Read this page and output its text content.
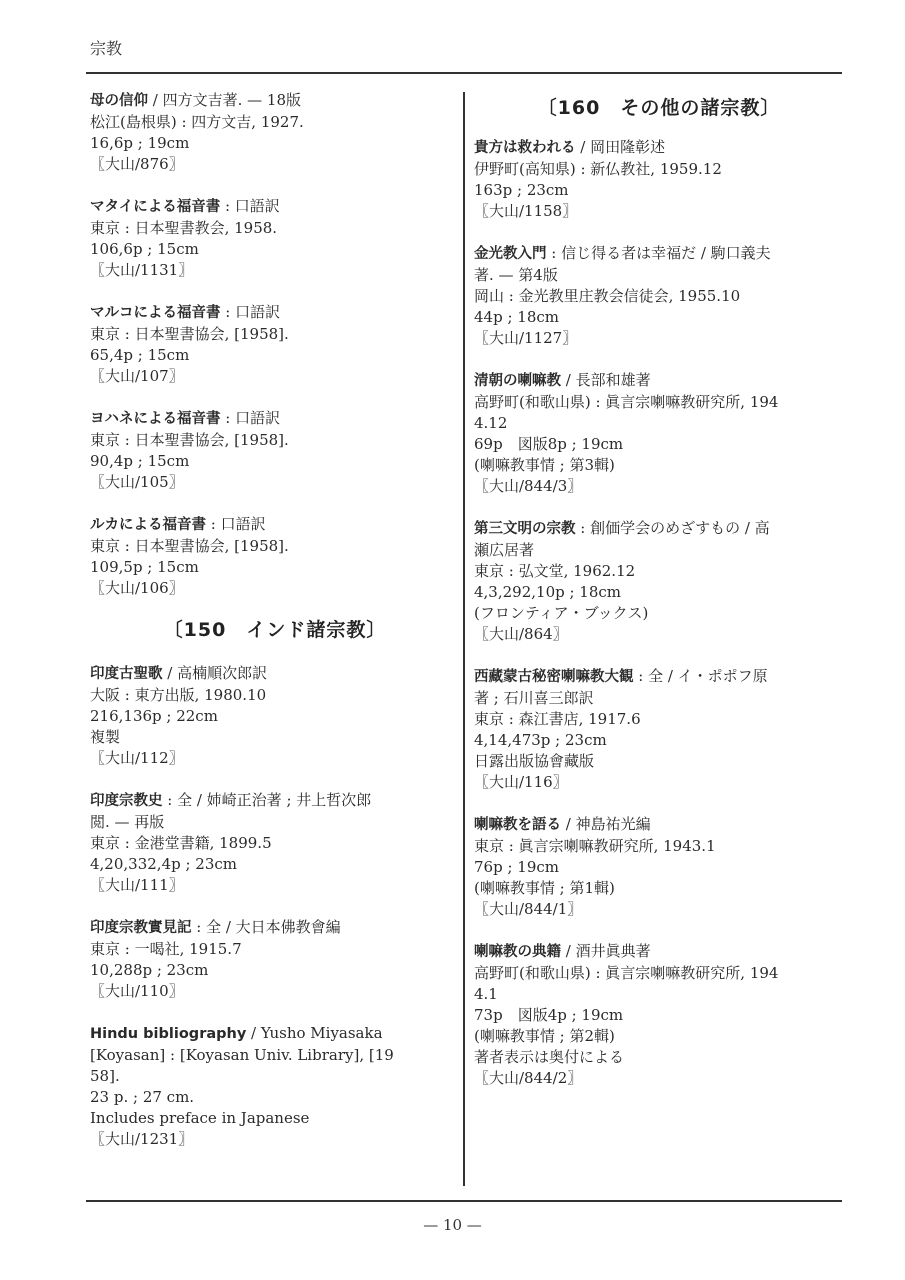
宗教
母の信仰 / 四方文吉著. — 18版
松江(島根県) : 四方文吉, 1927.
16,6p ; 19cm
〖大山/876〗
マタイによる福音書 : 口語訳
東京 : 日本聖書教会, 1958.
106,6p ; 15cm
〖大山/1131〗
マルコによる福音書 : 口語訳
東京 : 日本聖書協会, [1958].
65,4p ; 15cm
〖大山/107〗
ヨハネによる福音書 : 口語訳
東京 : 日本聖書協会, [1958].
90,4p ; 15cm
〖大山/105〗
ルカによる福音書 : 口語訳
東京 : 日本聖書協会, [1958].
109,5p ; 15cm
〖大山/106〗
〔150　インド諸宗教〕
印度古聖歌 / 高楠順次郎訳
大阪 : 東方出版, 1980.10
216,136p ; 22cm
複製
〖大山/112〗
印度宗教史 : 全 / 姉崎正治著 ; 井上哲次郎
閲. — 再版
東京 : 金港堂書籍, 1899.5
4,20,332,4p ; 23cm
〖大山/111〗
印度宗教實見記 : 全 / 大日本佛教會編
東京 : 一喝社, 1915.7
10,288p ; 23cm
〖大山/110〗
Hindu bibliography / Yusho Miyasaka
[Koyasan] : [Koyasan Univ. Library], [19
58].
23 p. ; 27 cm.
Includes preface in Japanese
〖大山/1231〗
〔160　その他の諸宗教〕
貴方は救われる / 岡田隆彰述
伊野町(高知県) : 新仏教社, 1959.12
163p ; 23cm
〖大山/1158〗
金光教入門 : 信じ得る者は幸福だ / 駒口義夫
著. — 第4版
岡山 : 金光教里庄教会信徒会, 1955.10
44p ; 18cm
〖大山/1127〗
清朝の喇嘛教 / 長部和雄著
高野町(和歌山県) : 眞言宗喇嘛教研究所, 194
4.12
69p　図版8p ; 19cm
(喇嘛教事情 ; 第3輯)
〖大山/844/3〗
第三文明の宗教 : 創価学会のめざすもの / 高
瀬広居著
東京 : 弘文堂, 1962.12
4,3,292,10p ; 18cm
(フロンティア・ブックス)
〖大山/864〗
西藏蒙古秘密喇嘛教大観 : 全 / イ・ポポフ原
著 ; 石川喜三郎訳
東京 : 森江書店, 1917.6
4,14,473p ; 23cm
日露出版協會藏版
〖大山/116〗
喇嘛教を語る / 神島祐光編
東京 : 眞言宗喇嘛教研究所, 1943.1
76p ; 19cm
(喇嘛教事情 ; 第1輯)
〖大山/844/1〗
喇嘛教の典籍 / 酒井眞典著
高野町(和歌山県) : 眞言宗喇嘛教研究所, 194
4.1
73p　図版4p ; 19cm
(喇嘛教事情 ; 第2輯)
著者表示は奥付による
〖大山/844/2〗
— 10 —
